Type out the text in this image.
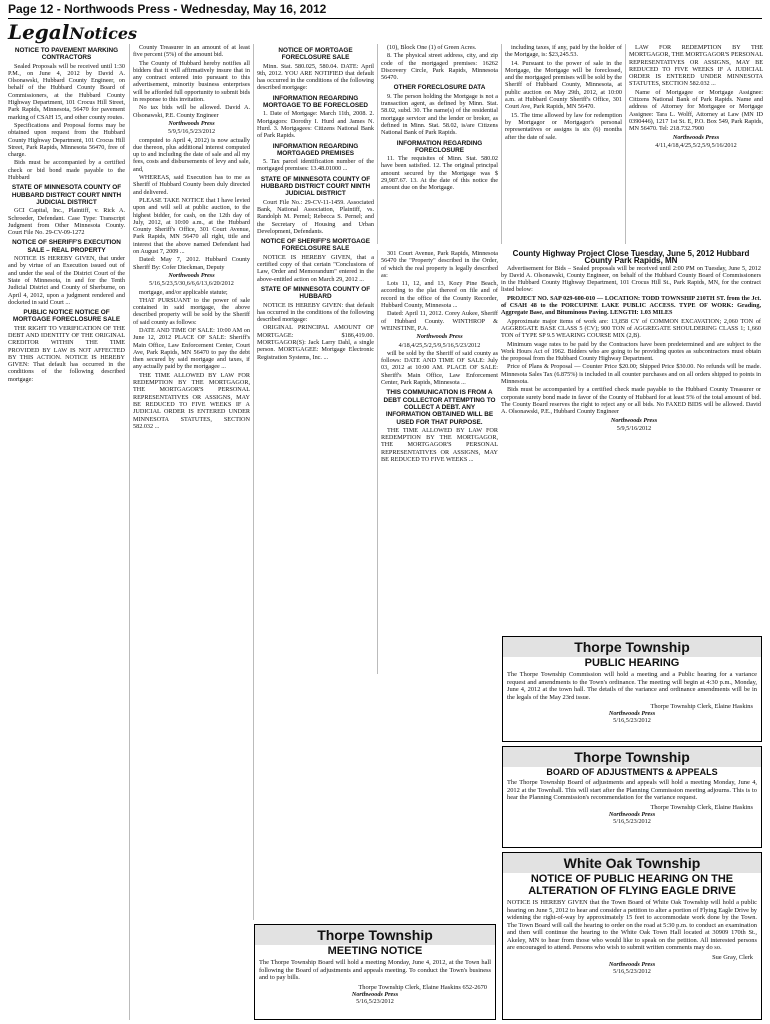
Page 12 - Northwoods Press - Wednesday, May 16, 2012
LegalNotices
NOTICE TO PAVEMENT MARKING CONTRACTORS

Sealed Proposals will be received until 1:30 P.M., on June 4, 2012 by David A. Olsonawski, Hubbard County Engineer, on behalf of the Hubbard County Board of Commissioners, at the Hubbard County Highway Department, 101 Crocus Hill Street, Park Rapids, Minnesota, 56470 for pavement marking of CSAH 15, and other county routes.

Specifications and Proposal forms may be obtained upon request from the Hubbard County Highway Department, 101 Crocus Hill Street, Park Rapids, Minnesota 56470, free of charge.

Bids must be accompanied by a certified check or bid bond made payable to the Hubbard

STATE OF MINNESOTA COUNTY OF HUBBARD DISTRICT COURT NINTH JUDICIAL DISTRICT

GCI Capital, Inc., Plaintiff, v. Rick A. Schroeder, Defendant. Case Type: Transcript Judgment from Other Minnesota County. Court File No. 29-CV-09-1272

NOTICE OF SHERIFF'S EXECUTION SALE – REAL PROPERTY

NOTICE IS HEREBY GIVEN, that under and by virtue of an Execution issued out of and under the seal of the District Court of the State of Minnesota, in and for the Tenth Judicial District and County of Sherburne, on April 4, 2012, upon a judgment rendered and docketed in said Court ...

PUBLIC NOTICE NOTICE OF MORTGAGE FORECLOSURE SALE

THE RIGHT TO VERIFICATION OF THE DEBT AND IDENTITY OF THE ORIGINAL CREDITOR WITHIN THE TIME PROVIDED BY LAW IS NOT AFFECTED BY THIS ACTION. NOTICE IS HEREBY GIVEN: That default has occurred in the conditions of the following described mortgage:

County Treasurer in an amount of at least five percent (5%) of the amount bid.

The County of Hubbard hereby notifies all bidders that it will affirmatively insure that in any contract entered into pursuant to this advertisement, minority business enterprises will be afforded full opportunity to submit bids in response to this invitation.

No tax bids will be allowed. David A. Olsonawski, P.E. County Engineer

Northwoods Press

5/9,5/16,5/23/2012

computed to April 4, 2012) is now actually due thereon, plus additional interest computed up to and including the date of sale and all my fees, costs and disbursements of levy and sale, and,

WHEREAS, said Execution has to me as Sheriff of Hubbard County been duly directed and delivered.

PLEASE TAKE NOTICE that I have levied upon and will sell at public auction, to the highest bidder, for cash, on the 12th day of July, 2012, at 10:00 a.m., at the Hubbard County Sheriff's Office, 301 Court Avenue, Park Rapids, MN 56470 all right, title and interest that the above named Defendant had on August 7, 2009 ...

Dated: May 7, 2012. Hubbard County Sheriff By: Cofer Dieckman, Deputy

Northwoods Press

5/16,5/23,5/30,6/6,6/13,6/20/2012

mortgage, and/or applicable statute;

THAT PURSUANT to the power of sale contained in said mortgage, the above described property will be sold by the Sheriff of said county as follows:

DATE AND TIME OF SALE: 10:00 AM on June 12, 2012 PLACE OF SALE: Sheriff's Main Office, Law Enforcement Center, Court Ave, Park Rapids, MN 56470 to pay the debt then secured by said mortgage and taxes, if any actually paid by the mortgagee ...

THE TIME ALLOWED BY LAW FOR REDEMPTION BY THE MORTGAGOR, THE MORTGAGOR'S PERSONAL REPRESENTATIVES OR ASSIGNS, MAY BE REDUCED TO FIVE WEEKS IF A JUDICIAL ORDER IS ENTERED UNDER MINNESOTA STATUTES, SECTION 582.032 ...

NOTICE OF MORTGAGE FORECLOSURE SALE

Minn. Stat. 580.025, 580.04. DATE: April 9th, 2012. YOU ARE NOTIFIED that default has occurred in the conditions of the following described mortgage:

INFORMATION REGARDING MORTGAGE TO BE FORECLOSED

1. Date of Mortgage: March 11th, 2008. 2. Mortgagors: Dorothy I. Hurd and James N. Hurd. 3. Mortgagees: Citizens National Bank of Park Rapids.

INFORMATION REGARDING MORTGAGED PREMISES

5. Tax parcel identification number of the mortgaged premises: 13.48.01000 ...

STATE OF MINNESOTA COUNTY OF HUBBARD DISTRICT COURT NINTH JUDICIAL DISTRICT

Court File No.: 29-CV-11-1459. Associated Bank, National Association, Plaintiff, vs. Randolph M. Pernel; Rebecca S. Pernel; and the Secretary of Housing and Urban Development, Defendants.

NOTICE OF SHERIFF'S MORTGAGE FORECLOSURE SALE

NOTICE IS HEREBY GIVEN, that a certified copy of that certain "Conclusions of Law, Order and Memorandum" entered in the above-entitled action on March 29, 2012 ...

STATE OF MINNESOTA COUNTY OF HUBBARD

NOTICE IS HEREBY GIVEN: that default has occurred in the conditions of the following described mortgage:

ORIGINAL PRINCIPAL AMOUNT OF MORTGAGE: $186,419.00. MORTGAGOR(S): Jack Larry Dahl, a single person. MORTGAGEE: Mortgage Electronic Registration Systems, Inc. ...

(10), Block One (1) of Green Acres.

8. The physical street address, city, and zip code of the mortgaged premises: 16262 Discovery Circle, Park Rapids, Minnesota 56470.

OTHER FORECLOSURE DATA

9. The person holding the Mortgage is not a transaction agent, as defined by Minn. Stat. 58.02, subd. 30. The name(s) of the residential mortgage servicer and the lender or broker, as defined in Minn. Stat. 58.02, is/are Citizens National Bank of Park Rapids.

INFORMATION REGARDING FORECLOSURE

11. The requisites of Minn. Stat. 580.02 have been satisfied. 12. The original principal amount secured by the Mortgage was $ 29,987.67. 13. At the date of this notice the amount due on the Mortgage.

301 Court Avenue, Park Rapids, Minnesota 56470 the "Property" described in the Order, of which the real property is legally described as:

Lots 11, 12, and 13, Kozy Pine Beach, according to the plat thereof on file and of record in the office of the County Recorder, Hubbard County, Minnesota ...

Dated: April 11, 2012. Corey Aukee, Sheriff of Hubbard County. WINTHROP & WEINSTINE, P.A.

Northwoods Press

4/18,4/25,5/2,5/9,5/16,5/23/2012

will be sold by the Sheriff of said county as follows: DATE AND TIME OF SALE: July 03, 2012 at 10:00 AM. PLACE OF SALE: Sheriff's Main Office, Law Enforcement Center, Park Rapids, Minnesota ...

THIS COMMUNICATION IS FROM A DEBT COLLECTOR ATTEMPTING TO COLLECT A DEBT. ANY INFORMATION OBTAINED WILL BE USED FOR THAT PURPOSE.

THE TIME ALLOWED BY LAW FOR REDEMPTION BY THE MORTGAGOR, THE MORTGAGOR'S PERSONAL REPRESENTATIVES OR ASSIGNS, MAY BE REDUCED TO FIVE WEEKS ...

including taxes, if any, paid by the holder of the Mortgage, is: $23,245.53.

14. Pursuant to the power of sale in the Mortgage, the Mortgage will be foreclosed, and the mortgaged premises will be sold by the Sheriff of Hubbard County, Minnesota, at public auction on May 29th, 2012, at 10:00 a.m. at Hubbard County Sheriff's Office, 301 Court Ave, Park Rapids, MN 56470.

15. The time allowed by law for redemption by Mortgagor or Mortgagor's personal representatives or assigns is six (6) months after the date of sale.

LAW FOR REDEMPTION BY THE MORTGAGOR, THE MORTGAGOR'S PERSONAL REPRESENTATIVES OR ASSIGNS, MAY BE REDUCED TO FIVE WEEKS IF A JUDICIAL ORDER IS ENTERED UNDER MINNESOTA STATUTES, SECTION 582.032 ...

Name of Mortgagee or Mortgage Assignee: Citizens National Bank of Park Rapids. Name and address of Attorney for Mortgagee or Mortgage Assignee: Tara L. Wolff, Attorney at Law (MN ID 0390446), 1217 1st St. E, P.O. Box 549, Park Rapids, MN 56470. Tel: 218.732.7900

Northwoods Press

4/11,4/18,4/25,5/2,5/9,5/16/2012

County Highway Project Close Tuesday, June 5, 2012 Hubbard County Park Rapids, MN

Advertisement for Bids – Sealed proposals will be received until 2:00 PM on Tuesday, June 5, 2012 by David A. Olsonawski, County Engineer, on behalf of the Hubbard County Board of Commissioners in the Hubbard County Highway Department, 101 Crocus Hill St., Park Rapids, MN, for the contract listed below:

PROJECT NO. SAP 029-600-010 — LOCATION: TODD TOWNSHIP 210TH ST. from the Jct. of CSAH 48 to the PORCUPINE LAKE PUBLIC ACCESS. TYPE OF WORK: Grading, Aggregate Base, and Bituminous Paving. LENGTH: 1.03 MILES

Approximate major items of work are: 13,858 CY of COMMON EXCAVATION; 2,060 TON of AGGREGATE BASE CLASS 5 (CV); 900 TON of AGGREGATE SHOULDERING CLASS 1; 1,660 TON of TYPE SP 9.5 WEARING COURSE MIX (2,B).

Minimum wage rates to be paid by the Contractors have been predetermined and are subject to the Work Hours Act of 1962. Bidders who are going to be providing quotes as subcontractors must obtain the proposal from the Hubbard County Highway Department.

Price of Plans & Proposal — Counter Price $20.00; Shipped Price $30.00. No refunds will be made. Minnesota Sales Tax (6.875%) is included in all counter purchases and on all orders shipped to points in Minnesota.

Bids must be accompanied by a certified check made payable to the Hubbard County Treasurer or corporate surety bond made in favor of the County of Hubbard for at least 5% of the total amount of bid. The County Board reserves the right to reject any or all bids. No FAXED BIDS will be allowed. David A. Olsonawski, P.E., Hubbard County Engineer

Northwoods Press

5/9,5/16/2012

Thorpe Township
PUBLIC HEARING
The Thorpe Township Commission will hold a meeting and a Public hearing for a variance request and amendments to the Town's ordinance. The meeting will begin at 4:30 p.m., Monday, June 4, 2012 at the town hall. The details of the variance and ordinance amendments will be in the legals of the May 23rd issue.
Thorpe Township Clerk, Elaine Haskins
Northwoods Press
5/16,5/23/2012
Thorpe Township
BOARD OF ADJUSTMENTS & APPEALS
The Thorpe Township Board of adjustments and appeals will hold a meeting Monday, June 4, 2012 at the Townhall. This will start after the Planning Commission meeting adjourns. This is to hear the Planning Commission's recommendation for the variance request.
Thorpe Township Clerk, Elaine Haskins
Northwoods Press
5/16,5/23/2012
White Oak Township
NOTICE OF PUBLIC HEARING ON THE ALTERATION OF FLYING EAGLE DRIVE
NOTICE IS HEREBY GIVEN that the Town Board of White Oak Township will hold a public hearing on June 5, 2012 to hear and consider a petition to alter a portion of Flying Eagle Drive by widening the right-of-way by approximately 15 feet to accommodate work done by the Town. The Town Board will call the hearing to order on the road at 5:30 p.m. to conduct an examination and then will continue the hearing to the White Oak Town Hall located at 30909 170th St., Akeley, MN to hear from those who would like to speak on the petition. All interested persons are encouraged to attend. Persons who wish to submit written comments may do so.
Sue Gray, Clerk
Northwoods Press
5/16,5/23/2012
Thorpe Township
MEETING NOTICE
The Thorpe Township Board will hold a meeting Monday, June 4, 2012, at the Town hall following the Board of adjustments and appeals meeting. To conduct the Town's business and to pay bills.
Thorpe Township Clerk, Elaine Haskins 652-2670
Northwoods Press
5/16,5/23/2012
